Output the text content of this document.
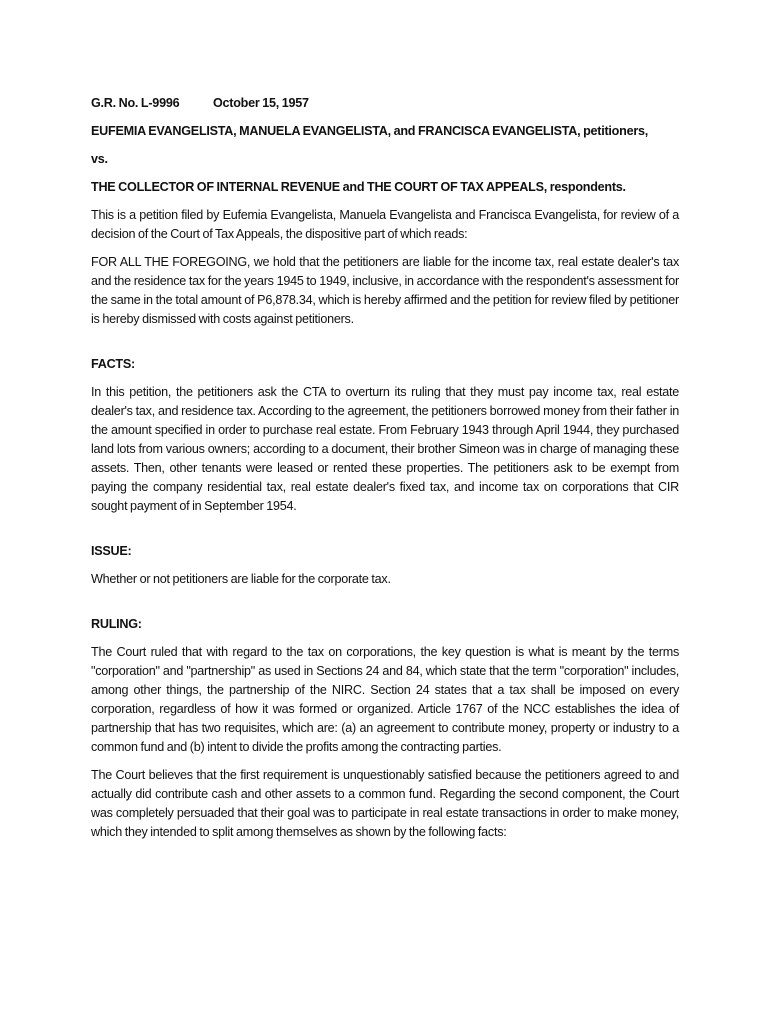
G.R. No. L-9996	October 15, 1957

EUFEMIA EVANGELISTA, MANUELA EVANGELISTA, and FRANCISCA EVANGELISTA, petitioners,

vs.

THE COLLECTOR OF INTERNAL REVENUE and THE COURT OF TAX APPEALS, respondents.

This is a petition filed by Eufemia Evangelista, Manuela Evangelista and Francisca Evangelista, for review of a decision of the Court of Tax Appeals, the dispositive part of which reads:

FOR ALL THE FOREGOING, we hold that the petitioners are liable for the income tax, real estate dealer's tax and the residence tax for the years 1945 to 1949, inclusive, in accordance with the respondent's assessment for the same in the total amount of P6,878.34, which is hereby affirmed and the petition for review filed by petitioner is hereby dismissed with costs against petitioners.

FACTS:

In this petition, the petitioners ask the CTA to overturn its ruling that they must pay income tax, real estate dealer's tax, and residence tax. According to the agreement, the petitioners borrowed money from their father in the amount specified in order to purchase real estate. From February 1943 through April 1944, they purchased land lots from various owners; according to a document, their brother Simeon was in charge of managing these assets. Then, other tenants were leased or rented these properties. The petitioners ask to be exempt from paying the company residential tax, real estate dealer's fixed tax, and income tax on corporations that CIR sought payment of in September 1954.

ISSUE:

Whether or not petitioners are liable for the corporate tax.

RULING:

The Court ruled that with regard to the tax on corporations, the key question is what is meant by the terms "corporation" and "partnership" as used in Sections 24 and 84, which state that the term "corporation" includes, among other things, the partnership of the NIRC. Section 24 states that a tax shall be imposed on every corporation, regardless of how it was formed or organized. Article 1767 of the NCC establishes the idea of partnership that has two requisites, which are: (a) an agreement to contribute money, property or industry to a common fund and (b) intent to divide the profits among the contracting parties.

The Court believes that the first requirement is unquestionably satisfied because the petitioners agreed to and actually did contribute cash and other assets to a common fund. Regarding the second component, the Court was completely persuaded that their goal was to participate in real estate transactions in order to make money, which they intended to split among themselves as shown by the following facts:
